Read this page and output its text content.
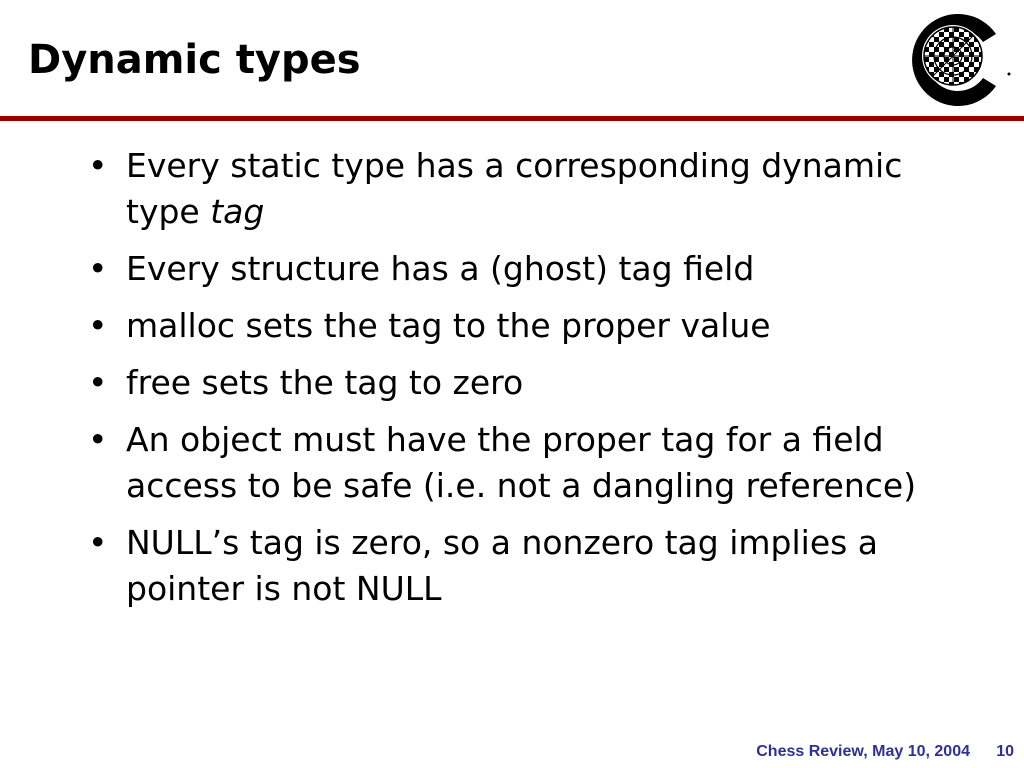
Dynamic types
• Every static type has a corresponding dynamic type tag
• Every structure has a (ghost) tag field
• malloc sets the tag to the proper value
• free sets the tag to zero
• An object must have the proper tag for a field access to be safe (i.e. not a dangling reference)
• NULL’s tag is zero, so a nonzero tag implies a pointer is not NULL
Chess Review, May 10, 2004 10
